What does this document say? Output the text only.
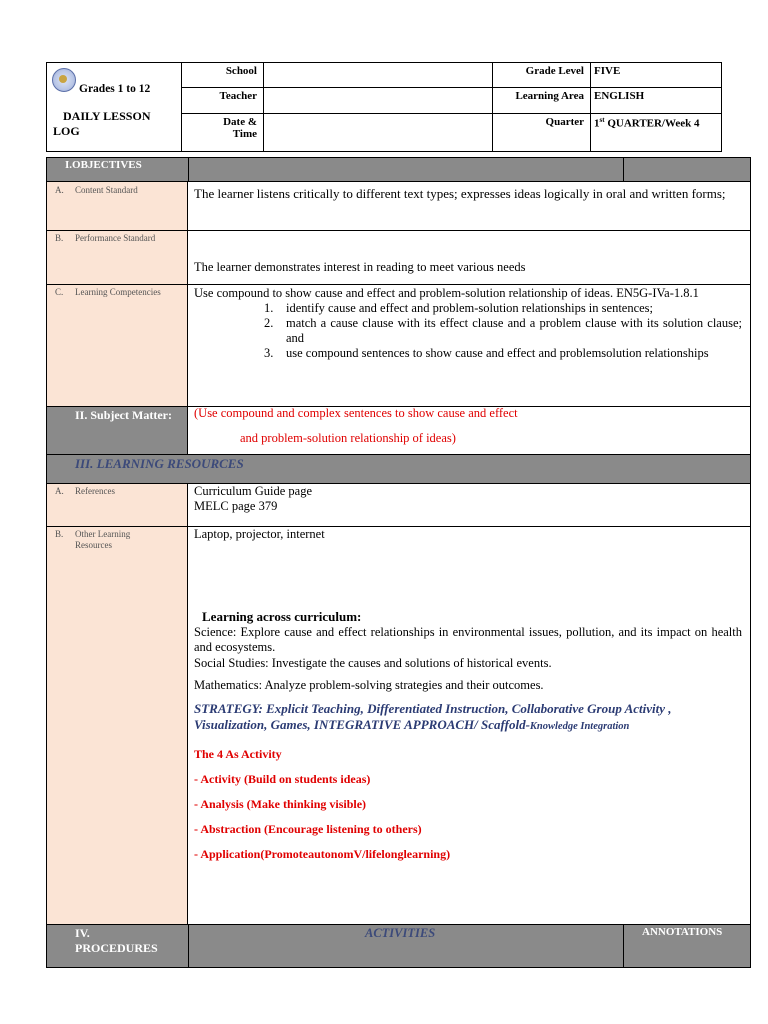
Grades 1 to 12
DAILY LESSON
LOG	School		Grade Level	FIVE
	Teacher		Learning Area	ENGLISH

	Date &
Time		Quarter	1st QUARTER/Week 4
I.OBJECTIVES
A. Content Standard	The learner listens critically to different text types; expresses ideas logically in oral and written forms;
B. Performance Standard
The learner demonstrates interest in reading to meet various needs
C. Learning Competencies	Use compound to show cause and effect and problem-solution relationship of ideas. EN5G-IVa-1.8.1
1. identify cause and effect and problem-solution relationships in sentences;
2. match a cause clause with its effect clause and a problem clause with its solution clause; and
3. use compound sentences to show cause and effect and problemsolution relationships
II. Subject Matter: (Use compound and complex sentences to show cause and effect
and problem-solution relationship of ideas)
III. LEARNING RESOURCES
A. References	Curriculum Guide page
MELC page 379
B. Other Learning
Resources
Laptop, projector, internet
Learning across curriculum:
Science: Explore cause and effect relationships in environmental issues, pollution, and its impact on health and ecosystems.
Social Studies: Investigate the causes and solutions of historical events.
Mathematics: Analyze problem-solving strategies and their outcomes.
STRATEGY: Explicit Teaching, Differentiated Instruction, Collaborative Group Activity , Visualization, Games, INTEGRATIVE APPROACH/ Scaffold-Knowledge Integration
The 4 As Activity
- Activity (Build on students ideas)
- Analysis (Make thinking visible)
- Abstraction (Encourage listening to others)
- Application(PromoteautonomV/lifelonglearning)
IV.
PROCEDURES
ACTIVITIES	ANNOTATIONS
